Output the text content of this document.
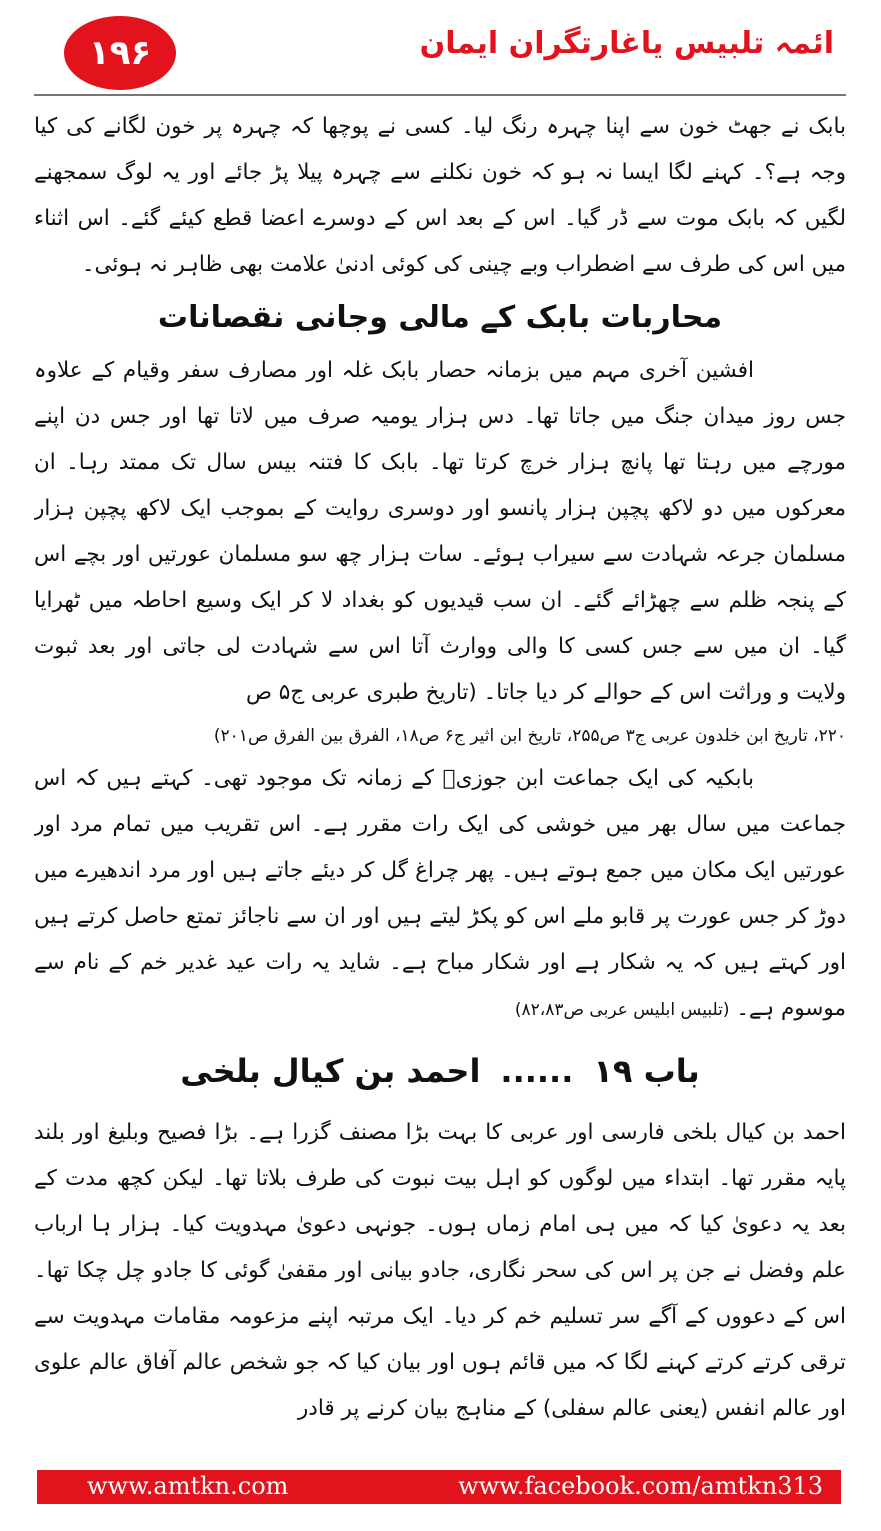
۱۹۶	ائمہ تلبیس یاغارتگران ایمان

بابک نے جھٹ خون سے اپنا چہرہ رنگ لیا۔ کسی نے پوچھا کہ چہرہ پر خون لگانے کی کیا وجہ ہے؟۔ کہنے لگا ایسا نہ ہو کہ خون نکلنے سے چہرہ پیلا پڑ جائے اور یہ لوگ سمجھنے لگیں کہ بابک موت سے ڈر گیا۔ اس کے بعد اس کے دوسرے اعضا قطع کیئے گئے۔ اس اثناء میں اس کی طرف سے اضطراب وبے چینی کی کوئی ادنیٰ علامت بھی ظاہر نہ ہوئی۔

محاربات بابک کے مالی وجانی نقصانات

افشین آخری مہم میں بزمانہ حصار بابک غلہ اور مصارف سفر وقیام کے علاوہ جس روز میدان جنگ میں جاتا تھا۔ دس ہزار یومیہ صرف میں لاتا تھا اور جس دن اپنے مورچے میں رہتا تھا پانچ ہزار خرچ کرتا تھا۔ بابک کا فتنہ بیس سال تک ممتد رہا۔ ان معرکوں میں دو لاکھ پچپن ہزار پانسو اور دوسری روایت کے بموجب ایک لاکھ پچپن ہزار مسلمان جرعہ شہادت سے سیراب ہوئے۔ سات ہزار چھ سو مسلمان عورتیں اور بچے اس کے پنجہ ظلم سے چھڑائے گئے۔ ان سب قیدیوں کو بغداد لا کر ایک وسیع احاطہ میں ٹھرایا گیا۔ ان میں سے جس کسی کا والی ووارث آتا اس سے شہادت لی جاتی اور بعد ثبوت ولایت و وراثت اس کے حوالے کر دیا جاتا۔ (تاریخ طبری عربی ج۵ ص

۲۲۰، تاریخ ابن خلدون عربی ج۳ ص۲۵۵، تاریخ ابن اثیر ج۶ ص۱۸، الفرق بین الفرق ص۲۰۱)

بابکیہ کی ایک جماعت ابن جوزیؒ کے زمانہ تک موجود تھی۔ کہتے ہیں کہ اس جماعت میں سال بھر میں خوشی کی ایک رات مقرر ہے۔ اس تقریب میں تمام مرد اور عورتیں ایک مکان میں جمع ہوتے ہیں۔ پھر چراغ گل کر دیئے جاتے ہیں اور مرد اندھیرے میں دوڑ کر جس عورت پر قابو ملے اس کو پکڑ لیتے ہیں اور ان سے ناجائز تمتع حاصل کرتے ہیں اور کہتے ہیں کہ یہ شکار ہے اور شکار مباح ہے۔ شاید یہ رات عید غدیر خم کے نام سے موسوم ہے۔ (تلبیس ابلیس عربی ص۸۲،۸۳)

باب ۱۹......احمد بن کیال بلخی

احمد بن کیال بلخی فارسی اور عربی کا بہت بڑا مصنف گزرا ہے۔ بڑا فصیح وبلیغ اور بلند پایہ مقرر تھا۔ ابتداء میں لوگوں کو اہل بیت نبوت کی طرف بلاتا تھا۔ لیکن کچھ مدت کے بعد یہ دعویٰ کیا کہ میں ہی امام زماں ہوں۔ جونہی دعویٰ مہدویت کیا۔ ہزار ہا ارباب علم وفضل نے جن پر اس کی سحر نگاری، جادو بیانی اور مقفیٰ گوئی کا جادو چل چکا تھا۔ اس کے دعووں کے آگے سر تسلیم خم کر دیا۔ ایک مرتبہ اپنے مزعومہ مقامات مہدویت سے ترقی کرتے کرتے کہنے لگا کہ میں قائم ہوں اور بیان کیا کہ جو شخص عالم آفاق عالم علوی اور عالم انفس (یعنی عالم سفلی) کے مناہج بیان کرنے پر قادر

www.amtkn.com	www.facebook.com/amtkn313
